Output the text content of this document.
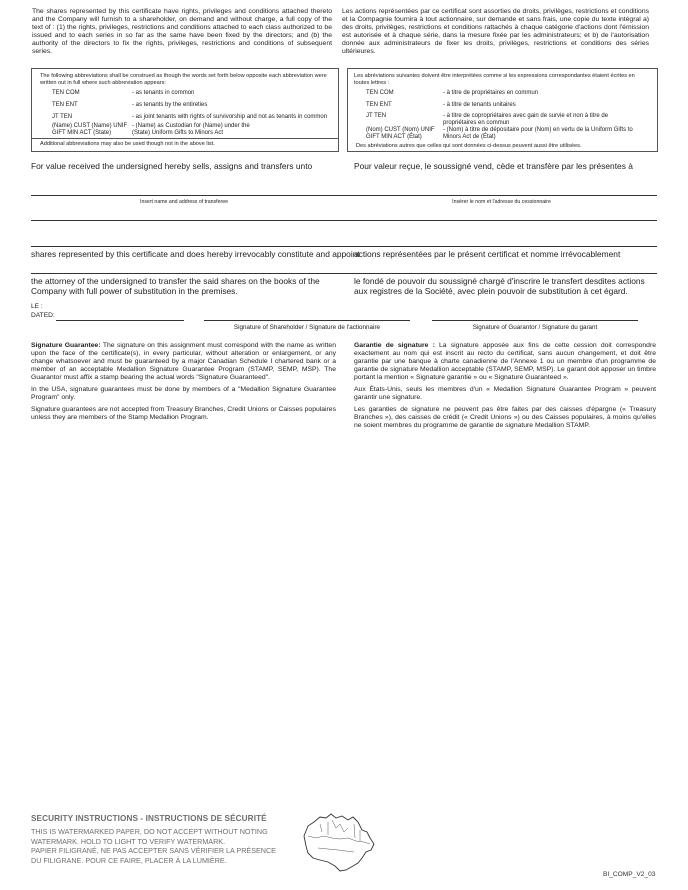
The shares represented by this certificate have rights, privileges and conditions attached thereto and the Company will furnish to a shareholder, on demand and without charge, a full copy of the text of : (1) the rights, privileges, restrictions and conditions attached to each class authorized to be issued and to each series in so far as the same have been fixed by the directors; and (b) the authority of the directors to fix the rights, privileges, restrictions and conditions of subsequent series.
Les actions représentées par ce certificat sont assorties de droits, privilèges, restrictions et conditions et la Compagnie fournira à tout actionnaire, sur demande et sans frais, une copie du texte intégral a) des droits, privilèges, restrictions et conditions rattachés à chaque catégorie d'actions dont l'émission est autorisée et à chaque série, dans la mesure fixée par les administrateurs; et b) de l'autorisation donnée aux administrateurs de fixer les droits, privilèges, restrictions et conditions des séries ultérieures.
The following abbreviations shall be construed as though the words set forth below opposite each abbreviation were written out in full where such abbreviation appears:
TEN COM	- as tenants in common
TEN ENT	- as tenants by the entireties
JT TEN	- as joint tenants with rights of survivorship and not as tenants in common
(Name) CUST (Name) UNIF GIFT MIN ACT (State)
- (Name) as Custodian for (Name) under the (State) Uniform Gifts to Minors Act
Additional abbreviations may also be used though not in the above list.
Les abréviations suivantes doivent être interprétées comme si les expressions correspondantes étaient écrites en toutes lettres :
TEN COM	- à titre de propriétaires en commun
TEN ENT	- à titre de tenants unitaires
JT TEN	- à titre de copropriétaires avec gain de survie et non à titre de propriétaires en commun
(Nom) CUST (Nom) UNIF GIFT MIN ACT (État)
- (Nom) à titre de dépositaire pour (Nom) en vertu de la Uniform Gifts to Minors Act de (État)
Des abréviations autres que celles qui sont données ci-dessus peuvent aussi être utilisées.
For value received the undersigned hereby sells, assigns and transfers unto	Pour valeur reçue, le soussigné vend, cède et transfère par les présentes à
Insert name and address of transferee	Insérer le nom et l'adresse du cessionnaire
shares represented by this certificate and does hereby irrevocably constitute and appoint
actions représentées par le présent certificat et nomme irrévocablement
the attorney of the undersigned to transfer the said shares on the books of the Company with full power of substitution in the premises.
le fondé de pouvoir du soussigné chargé d'inscrire le transfert desdites actions aux registres de la Société, avec plein pouvoir de substitution à cet égard.
LE :
DATED:
Signature of Shareholder / Signature de l'actionnaire	Signature of Guarantor / Signature du garant
Signature Guarantee: The signature on this assignment must correspond with the name as written upon the face of the certificate(s), in every particular, without alteration or enlargement, or any change whatsoever and must be guaranteed by a major Canadian Schedule I chartered bank or a member of an acceptable Medallion Signature Guarantee Program (STAMP, SEMP, MSP). The Guarantor must affix a stamp bearing the actual words "Signature Guaranteed".
In the USA, signature guarantees must be done by members of a "Medallion Signature Guarantee Program" only.
Signature guarantees are not accepted from Treasury Branches, Credit Unions or Caisses populaires unless they are members of the Stamp Medallion Program.
Garantie de signature : La signature apposée aux fins de cette cession doit correspondre exactement au nom qui est inscrit au recto du certificat, sans aucun changement, et doit être garantie par une banque à charte canadienne de l'Annexe 1 ou un membre d'un programme de garantie de signature Medallion acceptable (STAMP, SEMP, MSP). Le garant doit apposer un timbre portant la mention « Signature garantie » ou « Signature Guaranteed ».
Aux États-Unis, seuls les membres d'un « Medallion Signature Guarantee Program » peuvent garantir une signature.
Les garanties de signature ne peuvent pas être faites par des caisses d'épargne (« Treasury Branches »), des caisses de crédit (« Credit Unions ») ou des Caisses populaires, à moins qu'elles ne soient membres du programme de garantie de signature Medallion STAMP.
SECURITY INSTRUCTIONS - INSTRUCTIONS DE SÉCURITÉ
THIS IS WATERMARKED PAPER, DO NOT ACCEPT WITHOUT NOTING
WATERMARK. HOLD TO LIGHT TO VERIFY WATERMARK.
PAPIER FILIGRANÉ, NE PAS ACCEPTER SANS VÉRIFIER LA PRÉSENCE
DU FILIGRANE. POUR CE FAIRE, PLACER À LA LUMIÈRE.
BI_COMP_V2_03
